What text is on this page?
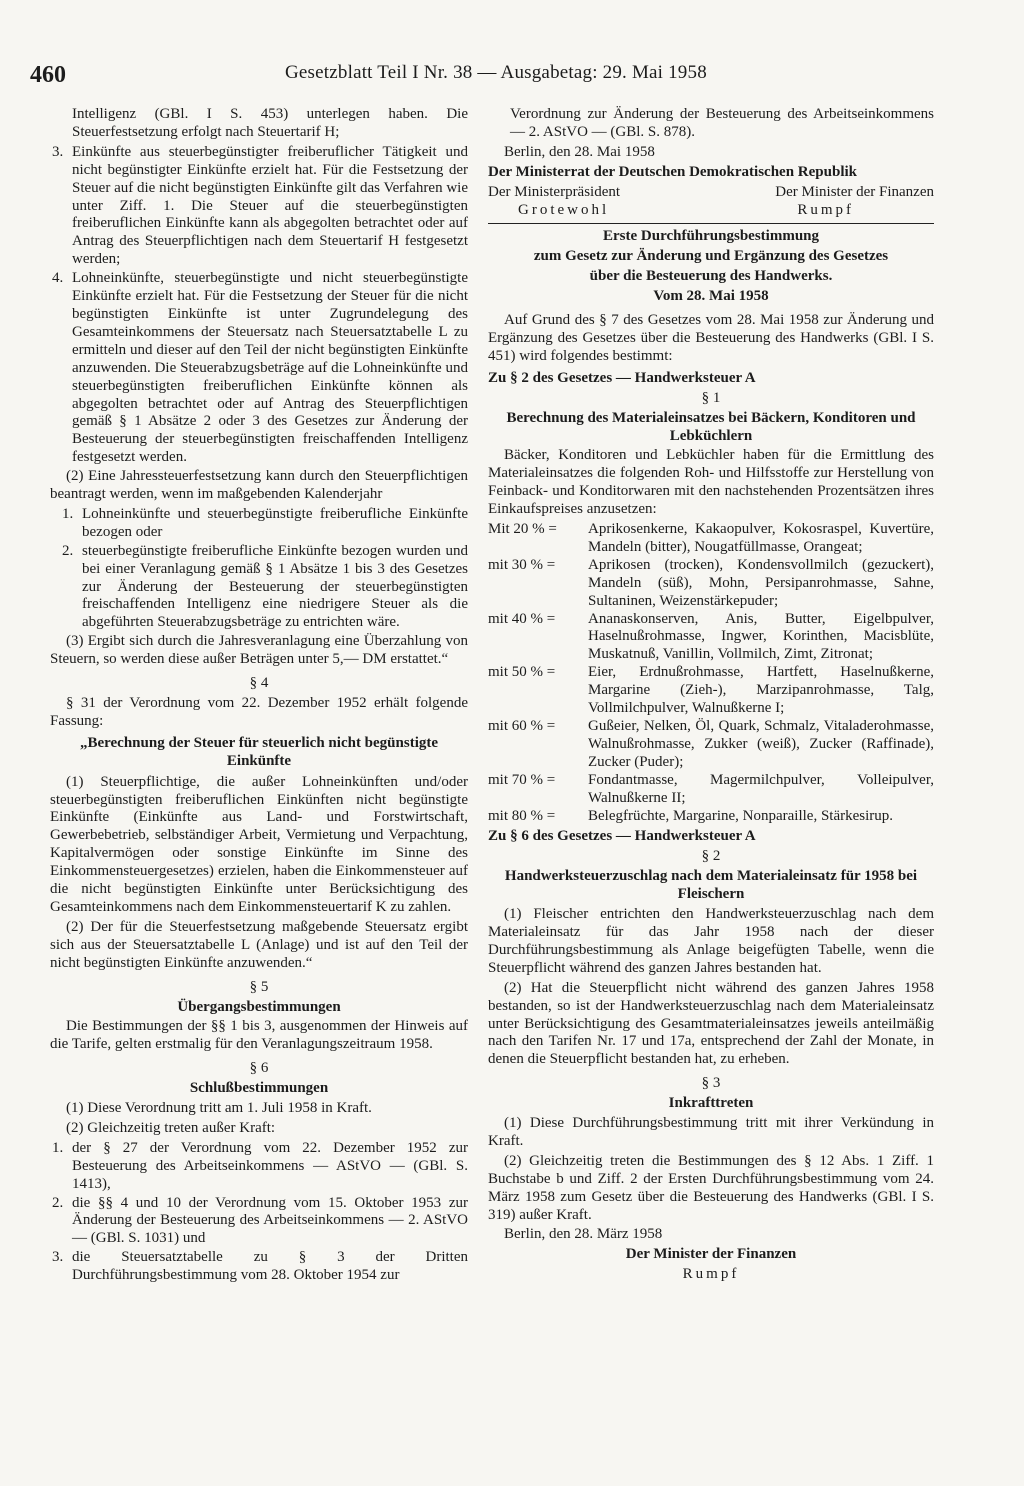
460	Gesetzblatt Teil I Nr. 38 — Ausgabetag: 29. Mai 1958

Intelligenz (GBl. I S. 453) unterlegen haben. Die Steuerfestsetzung erfolgt nach Steuertarif H;

3. Einkünfte aus steuerbegünstigter freiberuflicher Tätigkeit und nicht begünstigter Einkünfte erzielt hat. Für die Festsetzung der Steuer auf die nicht begünstigten Einkünfte gilt das Verfahren wie unter Ziff. 1. Die Steuer auf die steuerbegünstigten freiberuflichen Einkünfte kann als abgegolten betrachtet oder auf Antrag des Steuerpflichtigen nach dem Steuertarif H festgesetzt werden;
4. Lohneinkünfte, steuerbegünstigte und nicht steuerbegünstigte Einkünfte erzielt hat. Für die Festsetzung der Steuer für die nicht begünstigten Einkünfte ist unter Zugrundelegung des Gesamteinkommens der Steuersatz nach Steuersatztabelle L zu ermitteln und dieser auf den Teil der nicht begünstigten Einkünfte anzuwenden. Die Steuerabzugsbeträge auf die Lohneinkünfte und steuerbegünstigten freiberuflichen Einkünfte können als abgegolten betrachtet oder auf Antrag des Steuerpflichtigen gemäß § 1 Absätze 2 oder 3 des Gesetzes zur Änderung der Besteuerung der steuerbegünstigten freischaffenden Intelligenz festgesetzt werden.

(2) Eine Jahressteuerfestsetzung kann durch den Steuerpflichtigen beantragt werden, wenn im maßgebenden Kalenderjahr

1. Lohneinkünfte und steuerbegünstigte freiberufliche Einkünfte bezogen oder
2. steuerbegünstigte freiberufliche Einkünfte bezogen wurden und bei einer Veranlagung gemäß § 1 Absätze 1 bis 3 des Gesetzes zur Änderung der Besteuerung der steuerbegünstigten freischaffenden Intelligenz eine niedrigere Steuer als die abgeführten Steuerabzugsbeträge zu entrichten wäre.

(3) Ergibt sich durch die Jahresveranlagung eine Überzahlung von Steuern, so werden diese außer Beträgen unter 5,— DM erstattet.“

§ 4

§ 31 der Verordnung vom 22. Dezember 1952 erhält folgende Fassung:

„Berechnung der Steuer für steuerlich nicht begünstigte Einkünfte

(1) Steuerpflichtige, die außer Lohneinkünften und/oder steuerbegünstigten freiberuflichen Einkünften nicht begünstigte Einkünfte (Einkünfte aus Land- und Forstwirtschaft, Gewerbebetrieb, selbständiger Arbeit, Vermietung und Verpachtung, Kapitalvermögen oder sonstige Einkünfte im Sinne des Einkommensteuergesetzes) erzielen, haben die Einkommensteuer auf die nicht begünstigten Einkünfte unter Berücksichtigung des Gesamteinkommens nach dem Einkommensteuertarif K zu zahlen.

(2) Der für die Steuerfestsetzung maßgebende Steuersatz ergibt sich aus der Steuersatztabelle L (Anlage) und ist auf den Teil der nicht begünstigten Einkünfte anzuwenden.“

§ 5

Übergangsbestimmungen

Die Bestimmungen der §§ 1 bis 3, ausgenommen der Hinweis auf die Tarife, gelten erstmalig für den Veranlagungszeitraum 1958.

§ 6

Schlußbestimmungen

(1) Diese Verordnung tritt am 1. Juli 1958 in Kraft.

(2) Gleichzeitig treten außer Kraft:

1. der § 27 der Verordnung vom 22. Dezember 1952 zur Besteuerung des Arbeitseinkommens — AStVO — (GBl. S. 1413),
2. die §§ 4 und 10 der Verordnung vom 15. Oktober 1953 zur Änderung der Besteuerung des Arbeitseinkommens — 2. AStVO — (GBl. S. 1031) und
3. die Steuersatztabelle zu § 3 der Dritten Durchführungsbestimmung vom 28. Oktober 1954 zur

Verordnung zur Änderung der Besteuerung des Arbeitseinkommens — 2. AStVO — (GBl. S. 878).

Berlin, den 28. Mai 1958

Der Ministerrat der Deutschen Demokratischen Republik

Der Ministerpräsident	Der Minister der Finanzen
Grotewohl	Rumpf

Erste Durchführungsbestimmung

zum Gesetz zur Änderung und Ergänzung des Gesetzes

über die Besteuerung des Handwerks.

Vom 28. Mai 1958

Auf Grund des § 7 des Gesetzes vom 28. Mai 1958 zur Änderung und Ergänzung des Gesetzes über die Besteuerung des Handwerks (GBl. I S. 451) wird folgendes bestimmt:

Zu § 2 des Gesetzes — Handwerksteuer A

§ 1

Berechnung des Materialeinsatzes bei Bäckern, Konditoren und Lebküchlern

Bäcker, Konditoren und Lebküchler haben für die Ermittlung des Materialeinsatzes die folgenden Roh- und Hilfsstoffe zur Herstellung von Feinback- und Konditorwaren mit den nachstehenden Prozentsätzen ihres Einkaufspreises anzusetzen:

Mit 20 % =	Aprikosenkerne, Kakaopulver, Kokosraspel, Kuvertüre, Mandeln (bitter), Nougatfüllmasse, Orangeat;
mit 30 % =	Aprikosen (trocken), Kondensvollmilch (gezuckert), Mandeln (süß), Mohn, Persipanrohmasse, Sahne, Sultaninen, Weizenstärkepuder;
mit 40 % =	Ananaskonserven, Anis, Butter, Eigelbpulver, Haselnußrohmasse, Ingwer, Korinthen, Macisblüte, Muskatnuß, Vanillin, Vollmilch, Zimt, Zitronat;
mit 50 % =	Eier, Erdnußrohmasse, Hartfett, Haselnußkerne, Margarine (Zieh-), Marzipanrohmasse, Talg, Vollmilchpulver, Walnußkerne I;
mit 60 % =	Gußeier, Nelken, Öl, Quark, Schmalz, Vitaladerohmasse, Walnußrohmasse, Zukker (weiß), Zucker (Raffinade), Zucker (Puder);
mit 70 % =	Fondantmasse, Magermilchpulver, Volleipulver, Walnußkerne II;
mit 80 % =	Belegfrüchte, Margarine, Nonparaille, Stärkesirup.

Zu § 6 des Gesetzes — Handwerksteuer A

§ 2

Handwerksteuerzuschlag nach dem Materialeinsatz für 1958 bei Fleischern

(1) Fleischer entrichten den Handwerksteuerzuschlag nach dem Materialeinsatz für das Jahr 1958 nach der dieser Durchführungsbestimmung als Anlage beigefügten Tabelle, wenn die Steuerpflicht während des ganzen Jahres bestanden hat.

(2) Hat die Steuerpflicht nicht während des ganzen Jahres 1958 bestanden, so ist der Handwerksteuerzuschlag nach dem Materialeinsatz unter Berücksichtigung des Gesamtmaterialeinsatzes jeweils anteilmäßig nach den Tarifen Nr. 17 und 17a, entsprechend der Zahl der Monate, in denen die Steuerpflicht bestanden hat, zu erheben.

§ 3

Inkrafttreten

(1) Diese Durchführungsbestimmung tritt mit ihrer Verkündung in Kraft.

(2) Gleichzeitig treten die Bestimmungen des § 12 Abs. 1 Ziff. 1 Buchstabe b und Ziff. 2 der Ersten Durchführungsbestimmung vom 24. März 1958 zum Gesetz über die Besteuerung des Handwerks (GBl. I S. 319) außer Kraft.

Berlin, den 28. März 1958

Der Minister der Finanzen

Rumpf
